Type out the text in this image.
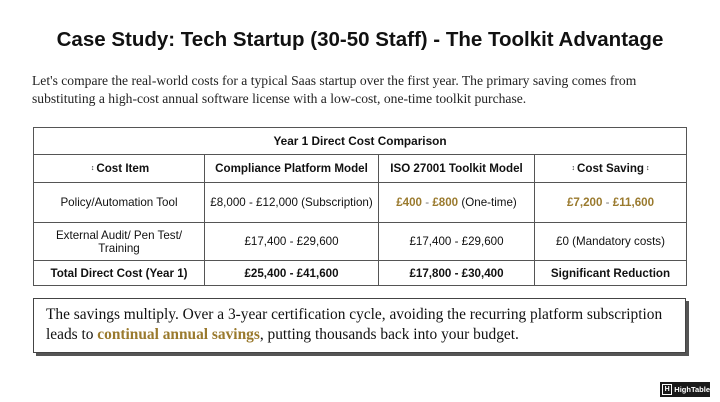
Case Study: Tech Startup (30-50 Staff) - The Toolkit Advantage

Let's compare the real-world costs for a typical Saas startup over the first year. The primary saving comes from substituting a high-cost annual software license with a low-cost, one-time toolkit purchase.

Year 1 Direct Cost Comparison			
↕ Cost Item	Compliance Platform Model	ISO 27001 Toolkit Model	↕ Cost Saving ↕
Policy/Automation Tool	£8,000 - £12,000 (Subscription)	£400 - £800 (One-time)	£7,200 - £11,600
External Audit/ Pen Test/ Training	£17,400 - £29,600	£17,400 - £29,600	£0 (Mandatory costs)
Total Direct Cost (Year 1)	£25,400 - £41,600	£17,800 - £30,400	Significant Reduction
The savings multiply. Over a 3-year certification cycle, avoiding the recurring platform subscription leads to continual annual savings, putting thousands back into your budget.
H HighTable
